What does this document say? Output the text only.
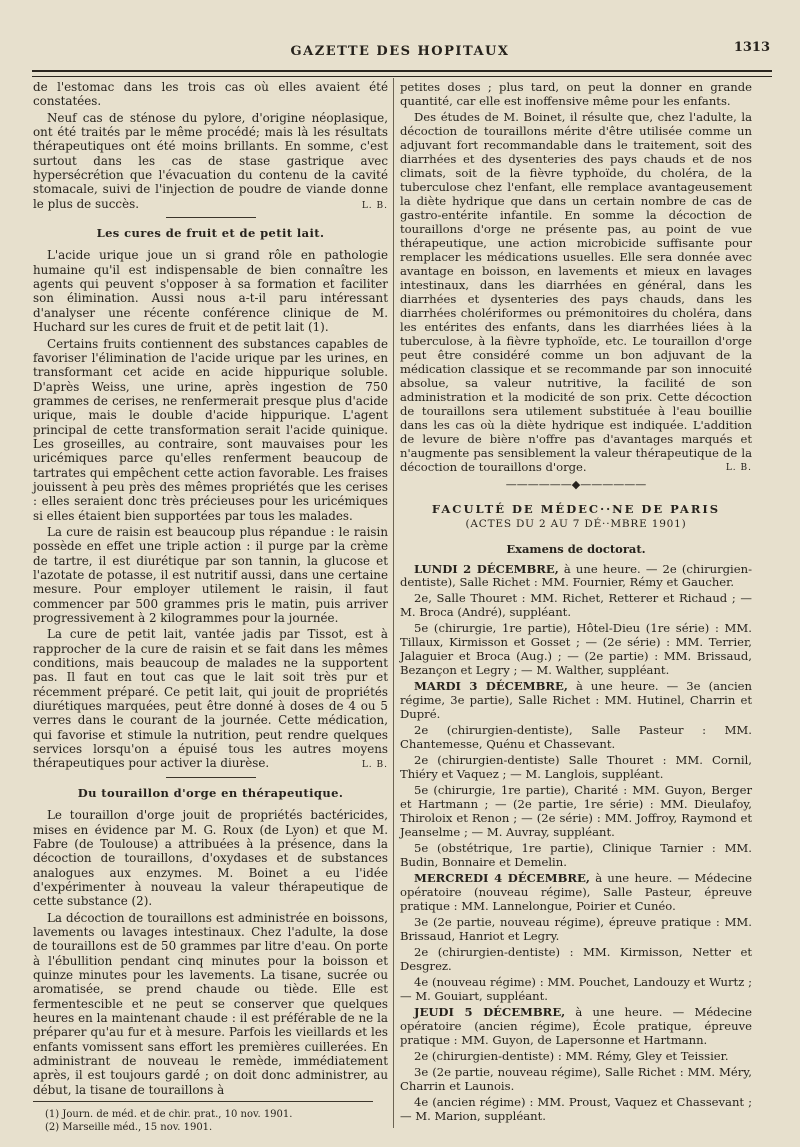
GAZETTE DES HOPITAUX	1313

de l'estomac dans les trois cas où elles avaient été constatées.

Neuf cas de sténose du pylore, d'origine néoplasique, ont été traités par le même procédé; mais là les résultats thérapeutiques ont été moins brillants. En somme, c'est surtout dans les cas de stase gastrique avec hypersécrétion que l'évacuation du contenu de la cavité stomacale, suivi de l'injection de poudre de viande donne le plus de succès.	L. B.

Les cures de fruit et de petit lait.

L'acide urique joue un si grand rôle en pathologie humaine qu'il est indispensable de bien connaître les agents qui peuvent s'opposer à sa formation et faciliter son élimination. Aussi nous a-t-il paru intéressant d'analyser une récente conférence clinique de M. Huchard sur les cures de fruit et de petit lait (1).

Certains fruits contiennent des substances capables de favoriser l'élimination de l'acide urique par les urines, en transformant cet acide en acide hippurique soluble. D'après Weiss, une urine, après ingestion de 750 grammes de cerises, ne renfermerait presque plus d'acide urique, mais le double d'acide hippurique. L'agent principal de cette transformation serait l'acide quinique. Les groseilles, au contraire, sont mauvaises pour les uricémiques parce qu'elles renferment beaucoup de tartrates qui empêchent cette action favorable. Les fraises jouissent à peu près des mêmes propriétés que les cerises : elles seraient donc très précieuses pour les uricémiques si elles étaient bien supportées par tous les malades.

La cure de raisin est beaucoup plus répandue : le raisin possède en effet une triple action : il purge par la crème de tartre, il est diurétique par son tannin, la glucose et l'azotate de potasse, il est nutritif aussi, dans une certaine mesure. Pour employer utilement le raisin, il faut commencer par 500 grammes pris le matin, puis arriver progressivement à 2 kilogrammes pour la journée.

La cure de petit lait, vantée jadis par Tissot, est à rapprocher de la cure de raisin et se fait dans les mêmes conditions, mais beaucoup de malades ne la supportent pas. Il faut en tout cas que le lait soit très pur et récemment préparé. Ce petit lait, qui jouit de propriétés diurétiques marquées, peut être donné à doses de 4 ou 5 verres dans le courant de la journée. Cette médication, qui favorise et stimule la nutrition, peut rendre quelques services lorsqu'on a épuisé tous les autres moyens thérapeutiques pour activer la diurèse.	L. B.

Du touraillon d'orge en thérapeutique.

Le touraillon d'orge jouit de propriétés bactéricides, mises en évidence par M. G. Roux (de Lyon) et que M. Fabre (de Toulouse) a attribuées à la présence, dans la décoction de touraillons, d'oxydases et de substances analogues aux enzymes. M. Boinet a eu l'idée d'expérimenter à nouveau la valeur thérapeutique de cette substance (2).

La décoction de touraillons est administrée en boissons, lavements ou lavages intestinaux. Chez l'adulte, la dose de touraillons est de 50 grammes par litre d'eau. On porte à l'ébullition pendant cinq minutes pour la boisson et quinze minutes pour les lavements. La tisane, sucrée ou aromatisée, se prend chaude ou tiède. Elle est fermentescible et ne peut se conserver que quelques heures en la maintenant chaude : il est préférable de ne la préparer qu'au fur et à mesure. Parfois les vieillards et les enfants vomissent sans effort les premières cuillerées. En administrant de nouveau le remède, immédiatement après, il est toujours gardé ; on doit donc administrer, au début, la tisane de touraillons à

(1) Journ. de méd. et de chir. prat., 10 nov. 1901.

(2) Marseille méd., 15 nov. 1901.

petites doses ; plus tard, on peut la donner en grande quantité, car elle est inoffensive même pour les enfants.

Des études de M. Boinet, il résulte que, chez l'adulte, la décoction de touraillons mérite d'être utilisée comme un adjuvant fort recommandable dans le traitement, soit des diarrhées et des dysenteries des pays chauds et de nos climats, soit de la fièvre typhoïde, du choléra, de la tuberculose chez l'enfant, elle remplace avantageusement la diète hydrique que dans un certain nombre de cas de gastro-entérite infantile. En somme la décoction de touraillons d'orge ne présente pas, au point de vue thérapeutique, une action microbicide suffisante pour remplacer les médications usuelles. Elle sera donnée avec avantage en boisson, en lavements et mieux en lavages intestinaux, dans les diarrhées en général, dans les diarrhées et dysenteries des pays chauds, dans les diarrhées cholériformes ou prémonitoires du choléra, dans les entérites des enfants, dans les diarrhées liées à la tuberculose, à la fièvre typhoïde, etc. Le touraillon d'orge peut être considéré comme un bon adjuvant de la médication classique et se recommande par son innocuité absolue, sa valeur nutritive, la facilité de son administration et la modicité de son prix. Cette décoction de touraillons sera utilement substituée à l'eau bouillie dans les cas où la diète hydrique est indiquée. L'addition de levure de bière n'offre pas d'avantages marqués et n'augmente pas sensiblement la valeur thérapeutique de la décoction de touraillons d'orge.	L. B.

——————◆——————
FACULTÉ DE MÉDEC··NE DE PARIS
(ACTES DU 2 AU 7 DÉ··MBRE 1901)
Examens de doctorat.

LUNDI 2 DÉCEMBRE, à une heure. — 2e (chirurgien-dentiste), Salle Richet : MM. Fournier, Rémy et Gaucher.

2e, Salle Thouret : MM. Richet, Retterer et Richaud ; — M. Broca (André), suppléant.

5e (chirurgie, 1re partie), Hôtel-Dieu (1re série) : MM. Tillaux, Kirmisson et Gosset ; — (2e série) : MM. Terrier, Jalaguier et Broca (Aug.) ; — (2e partie) : MM. Brissaud, Bezançon et Legry ; — M. Walther, suppléant.

MARDI 3 DÉCEMBRE, à une heure. — 3e (ancien régime, 3e partie), Salle Richet : MM. Hutinel, Charrin et Dupré.

2e (chirurgien-dentiste), Salle Pasteur : MM. Chantemesse, Quénu et Chassevant.

2e (chirurgien-dentiste) Salle Thouret : MM. Cornil, Thiéry et Vaquez ; — M. Langlois, suppléant.

5e (chirurgie, 1re partie), Charité : MM. Guyon, Berger et Hartmann ; — (2e partie, 1re série) : MM. Dieulafoy, Thiroloix et Renon ; — (2e série) : MM. Joffroy, Raymond et Jeanselme ; — M. Auvray, suppléant.

5e (obstétrique, 1re partie), Clinique Tarnier : MM. Budin, Bonnaire et Demelin.

MERCREDI 4 DÉCEMBRE, à une heure. — Médecine opératoire (nouveau régime), Salle Pasteur, épreuve pratique : MM. Lannelongue, Poirier et Cunéo.

3e (2e partie, nouveau régime), épreuve pratique : MM. Brissaud, Hanriot et Legry.

2e (chirurgien-dentiste) : MM. Kirmisson, Netter et Desgrez.

4e (nouveau régime) : MM. Pouchet, Landouzy et Wurtz ; — M. Gouiart, suppléant.

JEUDI 5 DÉCEMBRE, à une heure. — Médecine opératoire (ancien régime), École pratique, épreuve pratique : MM. Guyon, de Lapersonne et Hartmann.

2e (chirurgien-dentiste) : MM. Rémy, Gley et Teissier.

3e (2e partie, nouveau régime), Salle Richet : MM. Méry, Charrin et Launois.

4e (ancien régime) : MM. Proust, Vaquez et Chassevant ; — M. Marion, suppléant.
